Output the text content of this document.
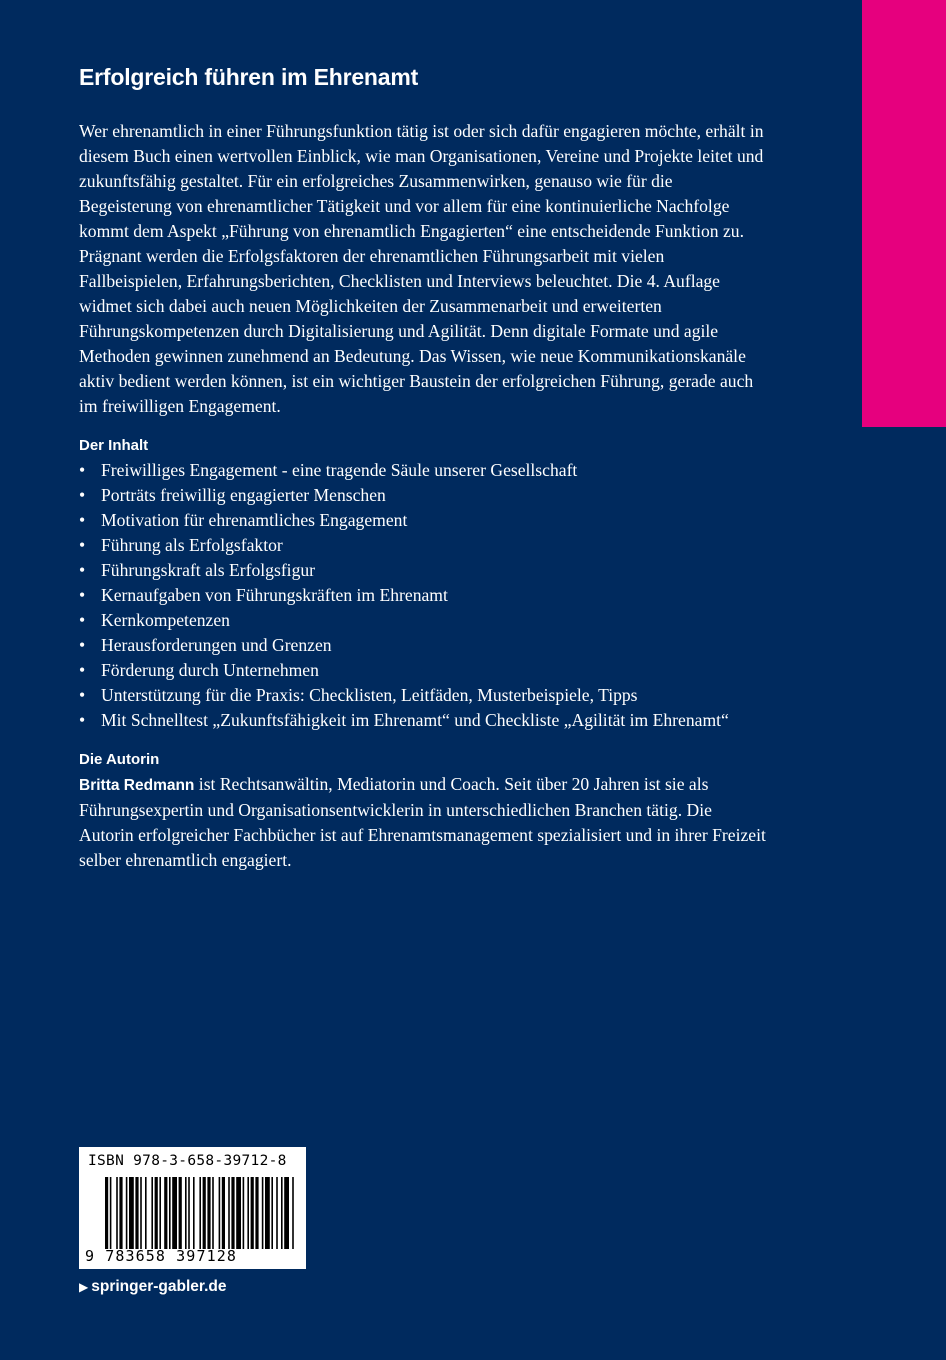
Erfolgreich führen im Ehrenamt

Wer ehrenamtlich in einer Führungsfunktion tätig ist oder sich dafür engagieren möchte, erhält in diesem Buch einen wertvollen Einblick, wie man Organisationen, Vereine und Projekte leitet und zukunftsfähig gestaltet. Für ein erfolgreiches Zusammenwirken, genauso wie für die Begeisterung von ehrenamtlicher Tätigkeit und vor allem für eine kontinuierliche Nachfolge kommt dem Aspekt „Führung von ehrenamtlich Engagierten“ eine entscheidende Funktion zu. Prägnant werden die Erfolgsfaktoren der ehrenamtlichen Führungsarbeit mit vielen Fallbeispielen, Erfahrungsberichten, Checklisten und Interviews beleuchtet. Die 4. Auflage widmet sich dabei auch neuen Möglichkeiten der Zusammenarbeit und erweiterten Führungskompetenzen durch Digitalisierung und Agilität. Denn digitale Formate und agile Methoden gewinnen zunehmend an Bedeutung. Das Wissen, wie neue Kommunikationskanäle aktiv bedient werden können, ist ein wichtiger Baustein der erfolgreichen Führung, gerade auch im freiwilligen Engagement.

Der Inhalt
• Freiwilliges Engagement - eine tragende Säule unserer Gesellschaft
• Porträts freiwillig engagierter Menschen
• Motivation für ehrenamtliches Engagement
• Führung als Erfolgsfaktor
• Führungskraft als Erfolgsfigur
• Kernaufgaben von Führungskräften im Ehrenamt
• Kernkompetenzen
• Herausforderungen und Grenzen
• Förderung durch Unternehmen
• Unterstützung für die Praxis: Checklisten, Leitfäden, Musterbeispiele, Tipps
• Mit Schnelltest „Zukunftsfähigkeit im Ehrenamt“ und Checkliste „Agilität im Ehrenamt“
Die Autorin

Britta Redmann ist Rechtsanwältin, Mediatorin und Coach. Seit über 20 Jahren ist sie als Führungsexpertin und Organisationsentwicklerin in unterschiedlichen Branchen tätig. Die Autorin erfolgreicher Fachbücher ist auf Ehrenamtsmanagement spezialisiert und in ihrer Freizeit selber ehrenamtlich engagiert.

ISBN 978-3-658-39712-8
9 783658 397128
▶ springer-gabler.de
